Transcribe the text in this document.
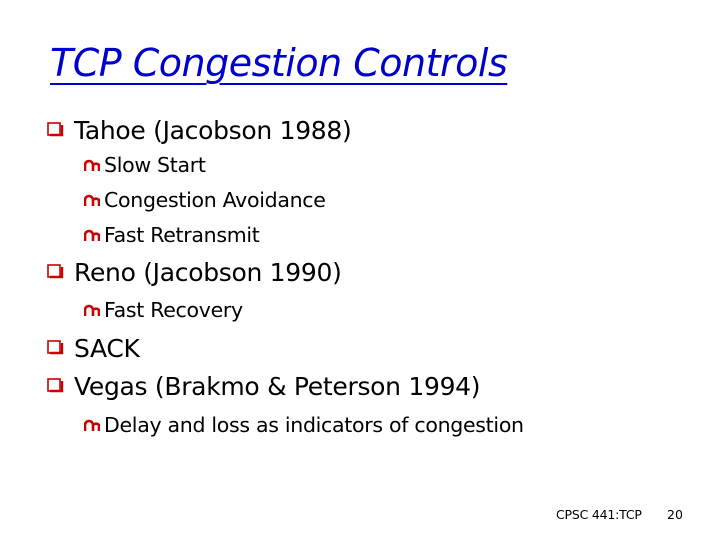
TCP Congestion Controls
Tahoe (Jacobson 1988)
Slow Start
Congestion Avoidance
Fast Retransmit
Reno (Jacobson 1990)
Fast Recovery
SACK
Vegas (Brakmo & Peterson 1994)
Delay and loss as indicators of congestion
CPSC 441:TCP 20
